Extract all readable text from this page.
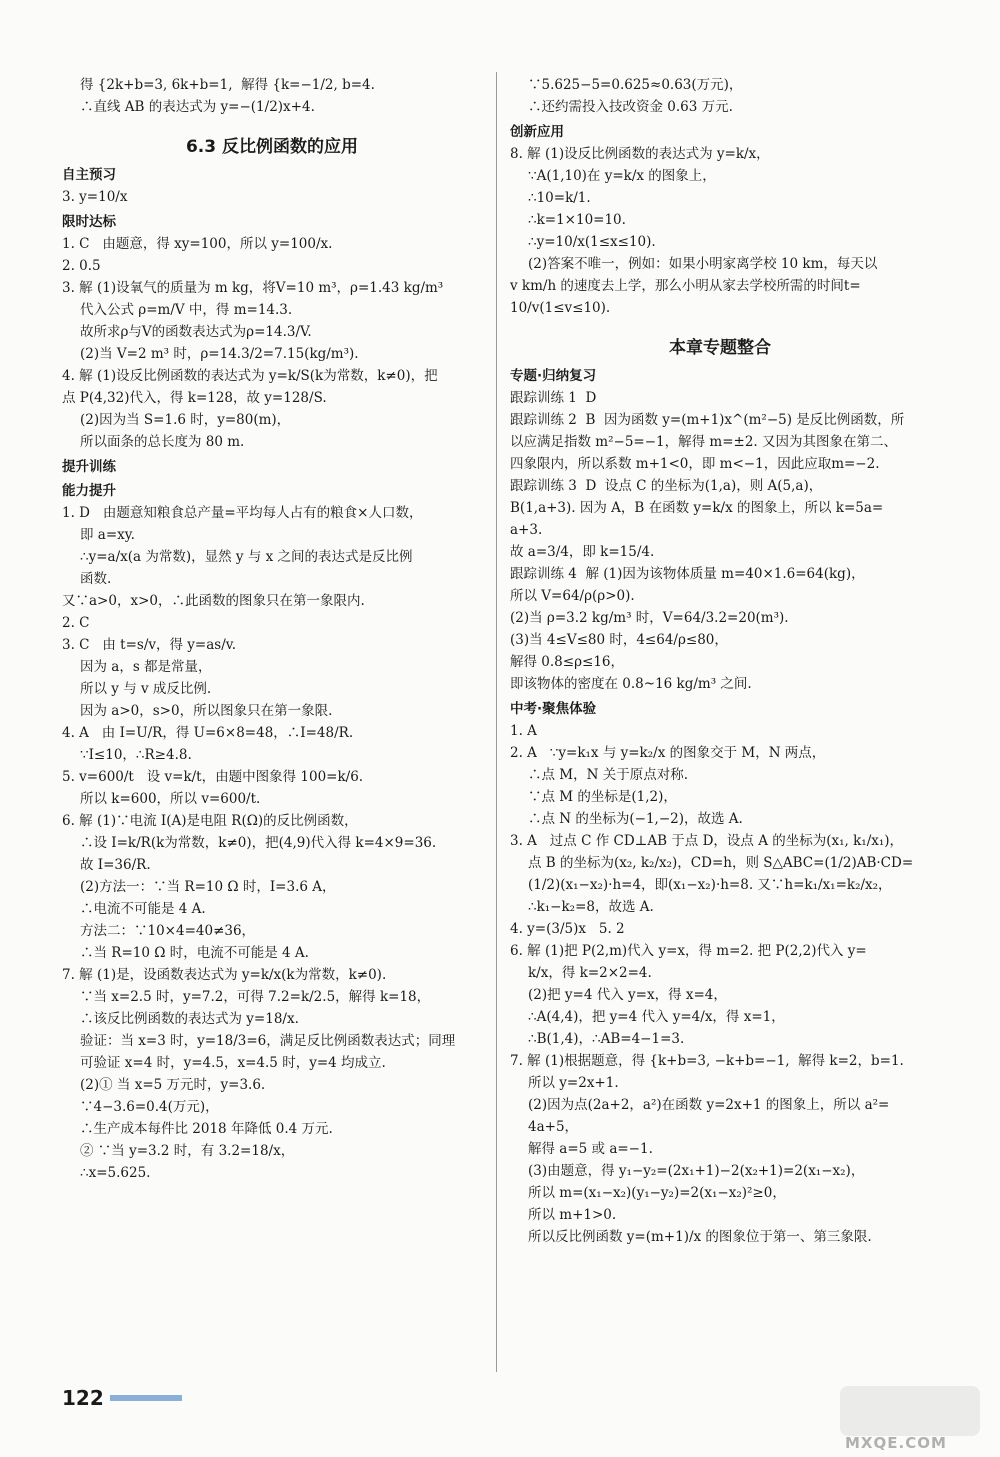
得 {2k+b=3, 6k+b=1,  解得 {k=−1/2, b=4.

∴直线 AB 的表达式为 y=−(1/2)x+4.

6.3 反比例函数的应用
自主预习

3. y=10/x

限时达标

1. C   由题意，得 xy=100，所以 y=100/x.

2. 0.5

3. 解 (1)设氧气的质量为 m kg，将V=10 m³，ρ=1.43 kg/m³

代入公式 ρ=m/V 中，得 m=14.3.

故所求ρ与V的函数表达式为ρ=14.3/V.

(2)当 V=2 m³ 时，ρ=14.3/2=7.15(kg/m³).

4. 解 (1)设反比例函数的表达式为 y=k/S(k为常数，k≠0)，把

点 P(4,32)代入，得 k=128，故 y=128/S.

(2)因为当 S=1.6 时，y=80(m)，

所以面条的总长度为 80 m.

提升训练
能力提升

1. D   由题意知粮食总产量=平均每人占有的粮食×人口数，

即 a=xy.

∴y=a/x(a 为常数)，显然 y 与 x 之间的表达式是反比例

函数.

又∵a>0，x>0，∴此函数的图象只在第一象限内.

2. C

3. C   由 t=s/v，得 y=as/v.

因为 a，s 都是常量，

所以 y 与 v 成反比例.

因为 a>0，s>0，所以图象只在第一象限.

4. A   由 I=U/R，得 U=6×8=48，∴I=48/R.

∵I≤10，∴R≥4.8.

5. v=600/t   设 v=k/t，由题中图象得 100=k/6.

所以 k=600，所以 v=600/t.

6. 解 (1)∵电流 I(A)是电阻 R(Ω)的反比例函数，

∴设 I=k/R(k为常数，k≠0)，把(4,9)代入得 k=4×9=36.

故 I=36/R.

(2)方法一：∵当 R=10 Ω 时，I=3.6 A，

∴电流不可能是 4 A.

方法二：∵10×4=40≠36，

∴当 R=10 Ω 时，电流不可能是 4 A.

7. 解 (1)是，设函数表达式为 y=k/x(k为常数，k≠0).

∵当 x=2.5 时，y=7.2，可得 7.2=k/2.5，解得 k=18，

∴该反比例函数的表达式为 y=18/x.

验证：当 x=3 时，y=18/3=6，满足反比例函数表达式；同理

可验证 x=4 时，y=4.5，x=4.5 时，y=4 均成立.

(2)① 当 x=5 万元时，y=3.6.

∵4−3.6=0.4(万元)，

∴生产成本每件比 2018 年降低 0.4 万元.

② ∵当 y=3.2 时，有 3.2=18/x，

∴x=5.625.

∵5.625−5=0.625≈0.63(万元)，

∴还约需投入技改资金 0.63 万元.

创新应用

8. 解 (1)设反比例函数的表达式为 y=k/x，

∵A(1,10)在 y=k/x 的图象上，

∴10=k/1.

∴k=1×10=10.

∴y=10/x(1≤x≤10).

(2)答案不唯一，例如：如果小明家离学校 10 km，每天以

v km/h 的速度去上学，那么小明从家去学校所需的时间t=

10/v(1≤v≤10).

本章专题整合
专题·归纳复习

跟踪训练 1  D

跟踪训练 2  B  因为函数 y=(m+1)x^(m²−5) 是反比例函数，所

以应满足指数 m²−5=−1，解得 m=±2. 又因为其图象在第二、

四象限内，所以系数 m+1<0，即 m<−1，因此应取m=−2.

跟踪训练 3  D  设点 C 的坐标为(1,a)，则 A(5,a)，

B(1,a+3). 因为 A，B 在函数 y=k/x 的图象上，所以 k=5a=

a+3.

故 a=3/4，即 k=15/4.

跟踪训练 4  解 (1)因为该物体质量 m=40×1.6=64(kg)，

所以 V=64/ρ(ρ>0).

(2)当 ρ=3.2 kg/m³ 时，V=64/3.2=20(m³).

(3)当 4≤V≤80 时，4≤64/ρ≤80，

解得 0.8≤ρ≤16，

即该物体的密度在 0.8~16 kg/m³ 之间.

中考·聚焦体验

1. A

2. A   ∵y=k₁x 与 y=k₂/x 的图象交于 M，N 两点，

∴点 M，N 关于原点对称.

∵点 M 的坐标是(1,2)，

∴点 N 的坐标为(−1,−2)，故选 A.

3. A   过点 C 作 CD⊥AB 于点 D，设点 A 的坐标为(x₁, k₁/x₁)，

点 B 的坐标为(x₂, k₂/x₂)，CD=h，则 S△ABC=(1/2)AB·CD=

(1/2)(x₁−x₂)·h=4，即(x₁−x₂)·h=8. 又∵h=k₁/x₁=k₂/x₂，

∴k₁−k₂=8，故选 A.

4. y=(3/5)x   5. 2

6. 解 (1)把 P(2,m)代入 y=x，得 m=2. 把 P(2,2)代入 y=

k/x，得 k=2×2=4.

(2)把 y=4 代入 y=x，得 x=4，

∴A(4,4)，把 y=4 代入 y=4/x，得 x=1，

∴B(1,4)，∴AB=4−1=3.

7. 解 (1)根据题意，得 {k+b=3, −k+b=−1,  解得 k=2，b=1.

所以 y=2x+1.

(2)因为点(2a+2，a²)在函数 y=2x+1 的图象上，所以 a²=

4a+5，

解得 a=5 或 a=−1.

(3)由题意，得 y₁−y₂=(2x₁+1)−2(x₂+1)=2(x₁−x₂)，

所以 m=(x₁−x₂)(y₁−y₂)=2(x₁−x₂)²≥0，

所以 m+1>0.

所以反比例函数 y=(m+1)/x 的图象位于第一、第三象限.

122
MXQE.COM
